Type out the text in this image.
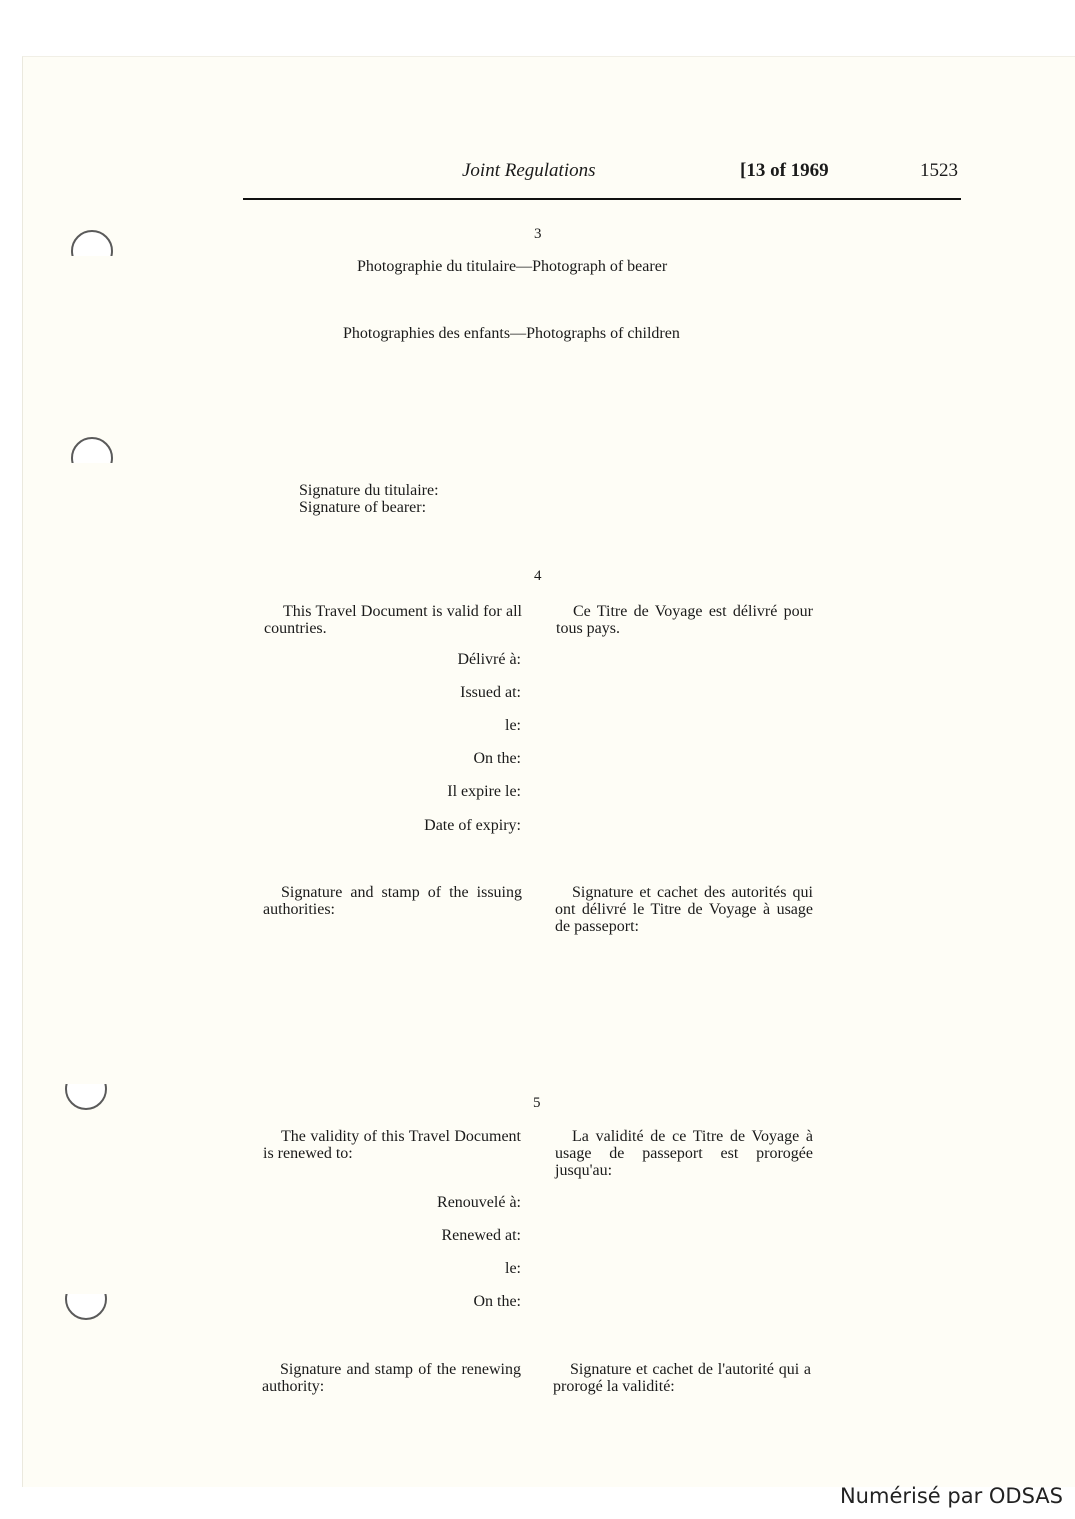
Joint Regulations	[13 of 1969	1523

3

Photographie du titulaire—Photograph of bearer

Photographies des enfants—Photographs of children

Signature du titulaire:
Signature of bearer:

4

This Travel Document is valid for all countries.

Ce Titre de Voyage est délivré pour tous pays.

Délivré à:

Issued at:

le:

On the:

Il expire le:

Date of expiry:

Signature and stamp of the issuing authorities:

Signature et cachet des autorités qui ont délivré le Titre de Voyage à usage de passeport:

5

The validity of this Travel Document is renewed to:

La validité de ce Titre de Voyage à usage de passeport est prorogée jusqu'au:

Renouvelé à:

Renewed at:

le:

On the:

Signature and stamp of the renewing authority:

Signature et cachet de l'autorité qui a prorogé la validité:

Numérisé par ODSAS
